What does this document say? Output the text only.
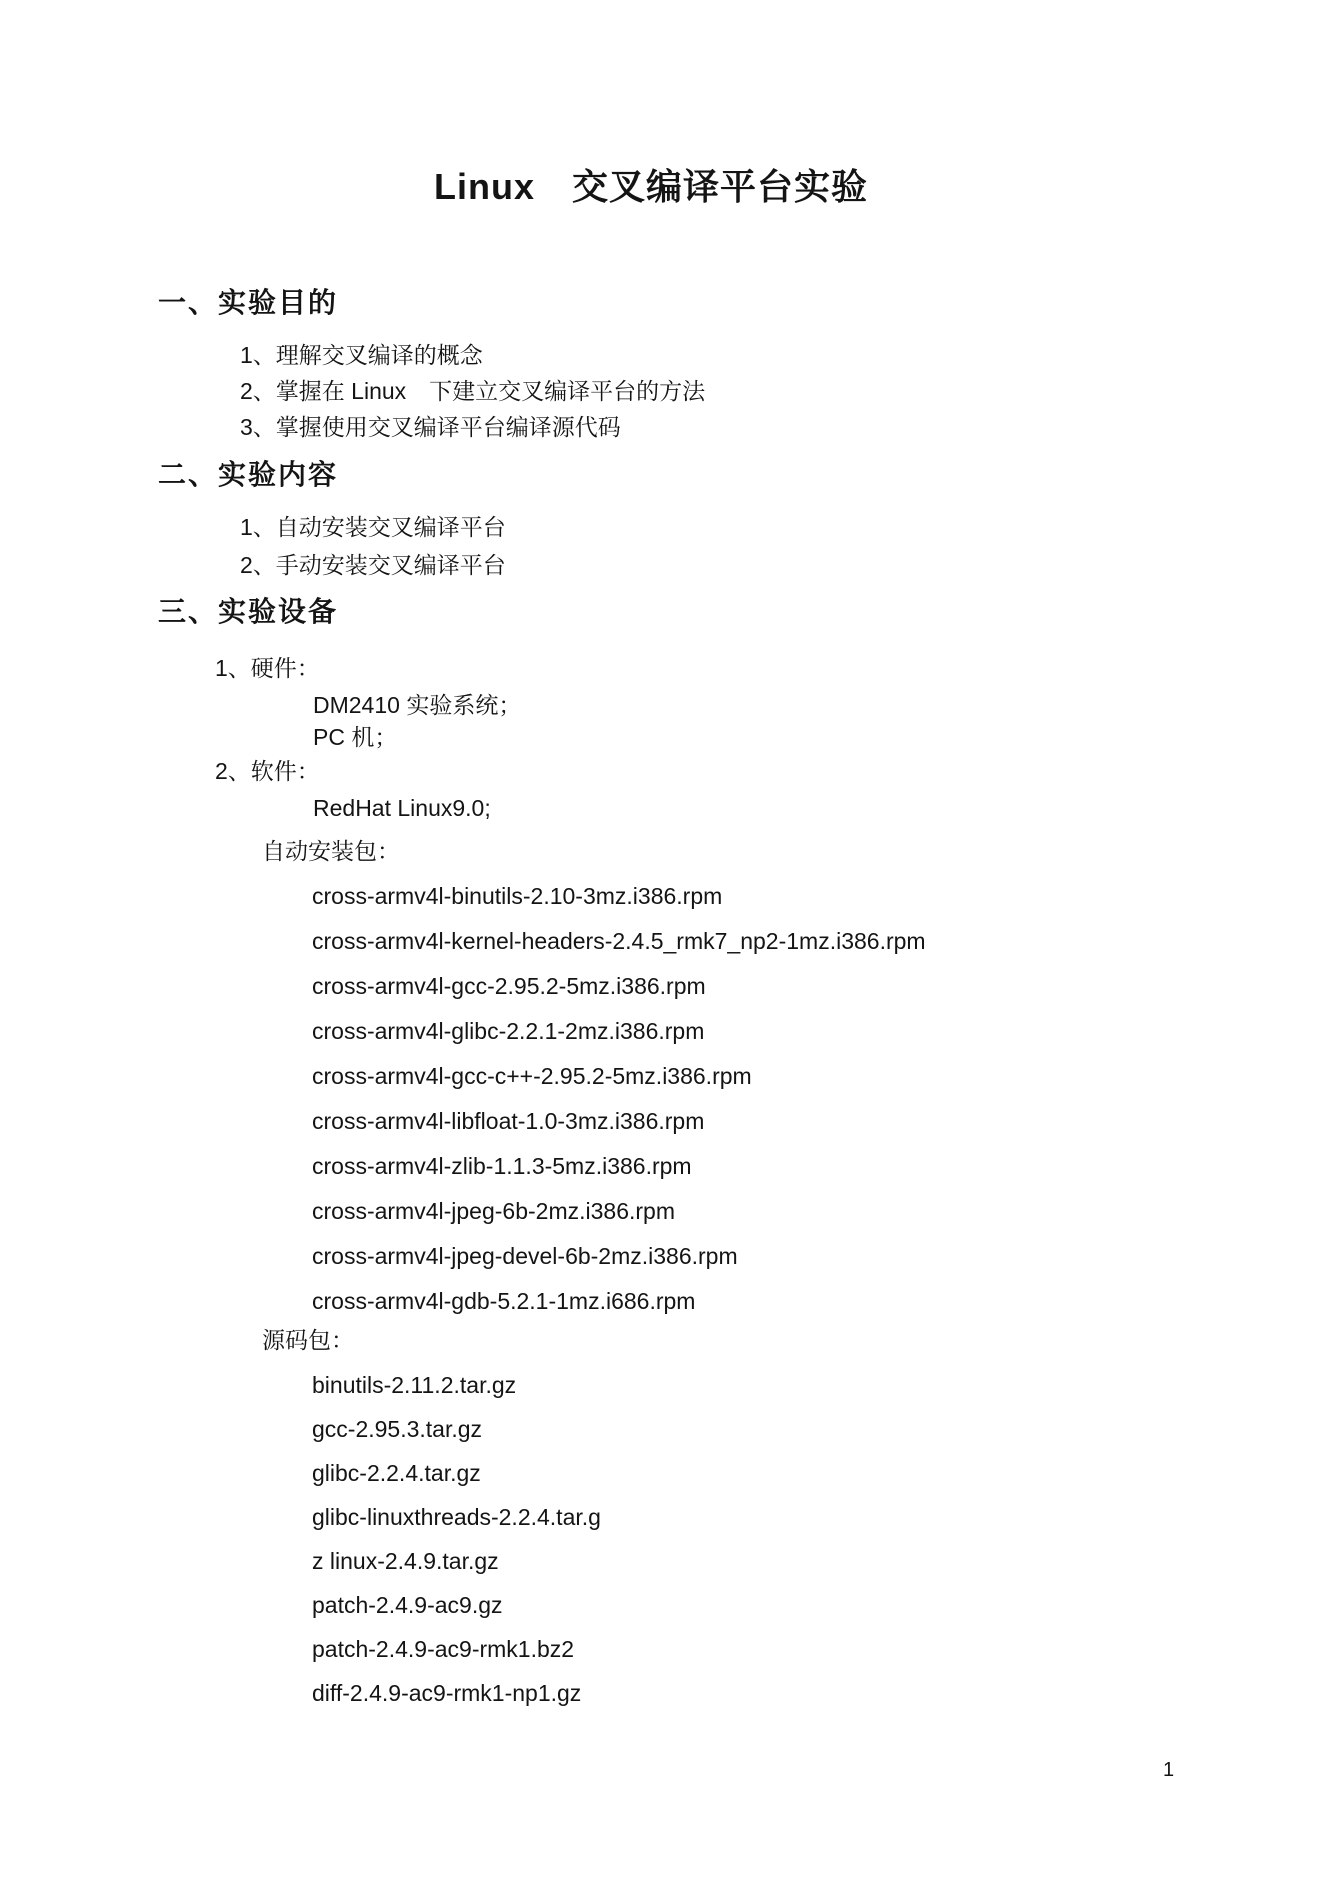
Linux　交叉编译平台实验
一、实验目的
1、理解交叉编译的概念
2、掌握在 Linux　下建立交叉编译平台的方法
3、掌握使用交叉编译平台编译源代码
二、实验内容
1、自动安装交叉编译平台
2、手动安装交叉编译平台
三、实验设备
1、硬件：
DM2410 实验系统；
PC 机；
2、软件：
RedHat Linux9.0;
自动安装包：
cross-armv4l-binutils-2.10-3mz.i386.rpm
cross-armv4l-kernel-headers-2.4.5_rmk7_np2-1mz.i386.rpm
cross-armv4l-gcc-2.95.2-5mz.i386.rpm
cross-armv4l-glibc-2.2.1-2mz.i386.rpm
cross-armv4l-gcc-c++-2.95.2-5mz.i386.rpm
cross-armv4l-libfloat-1.0-3mz.i386.rpm
cross-armv4l-zlib-1.1.3-5mz.i386.rpm
cross-armv4l-jpeg-6b-2mz.i386.rpm
cross-armv4l-jpeg-devel-6b-2mz.i386.rpm
cross-armv4l-gdb-5.2.1-1mz.i686.rpm
源码包：
binutils-2.11.2.tar.gz
gcc-2.95.3.tar.gz
glibc-2.2.4.tar.gz
glibc-linuxthreads-2.2.4.tar.g
z linux-2.4.9.tar.gz
patch-2.4.9-ac9.gz
patch-2.4.9-ac9-rmk1.bz2
diff-2.4.9-ac9-rmk1-np1.gz
1
